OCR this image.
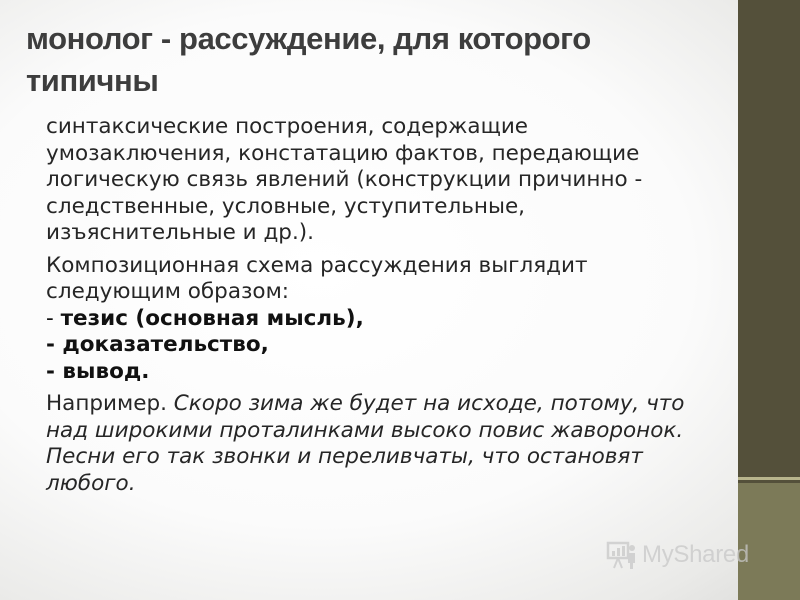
монолог - рассуждение, для которого типичны

синтаксические построения, содержащие умозаключения, констатацию фактов, передающие логическую связь явлений (конструкции причинно - следственные, условные, уступительные, изъяснительные и др.).

Композиционная схема рассуждения выглядит следующим образом:
- тезис (основная мысль),
- доказательство,
- вывод.

Например. Скоро зима же будет на исходе, потому, что над широкими проталинками высоко повис жаворонок. Песни его так звонки и переливчаты, что остановят любого.

MyShared
